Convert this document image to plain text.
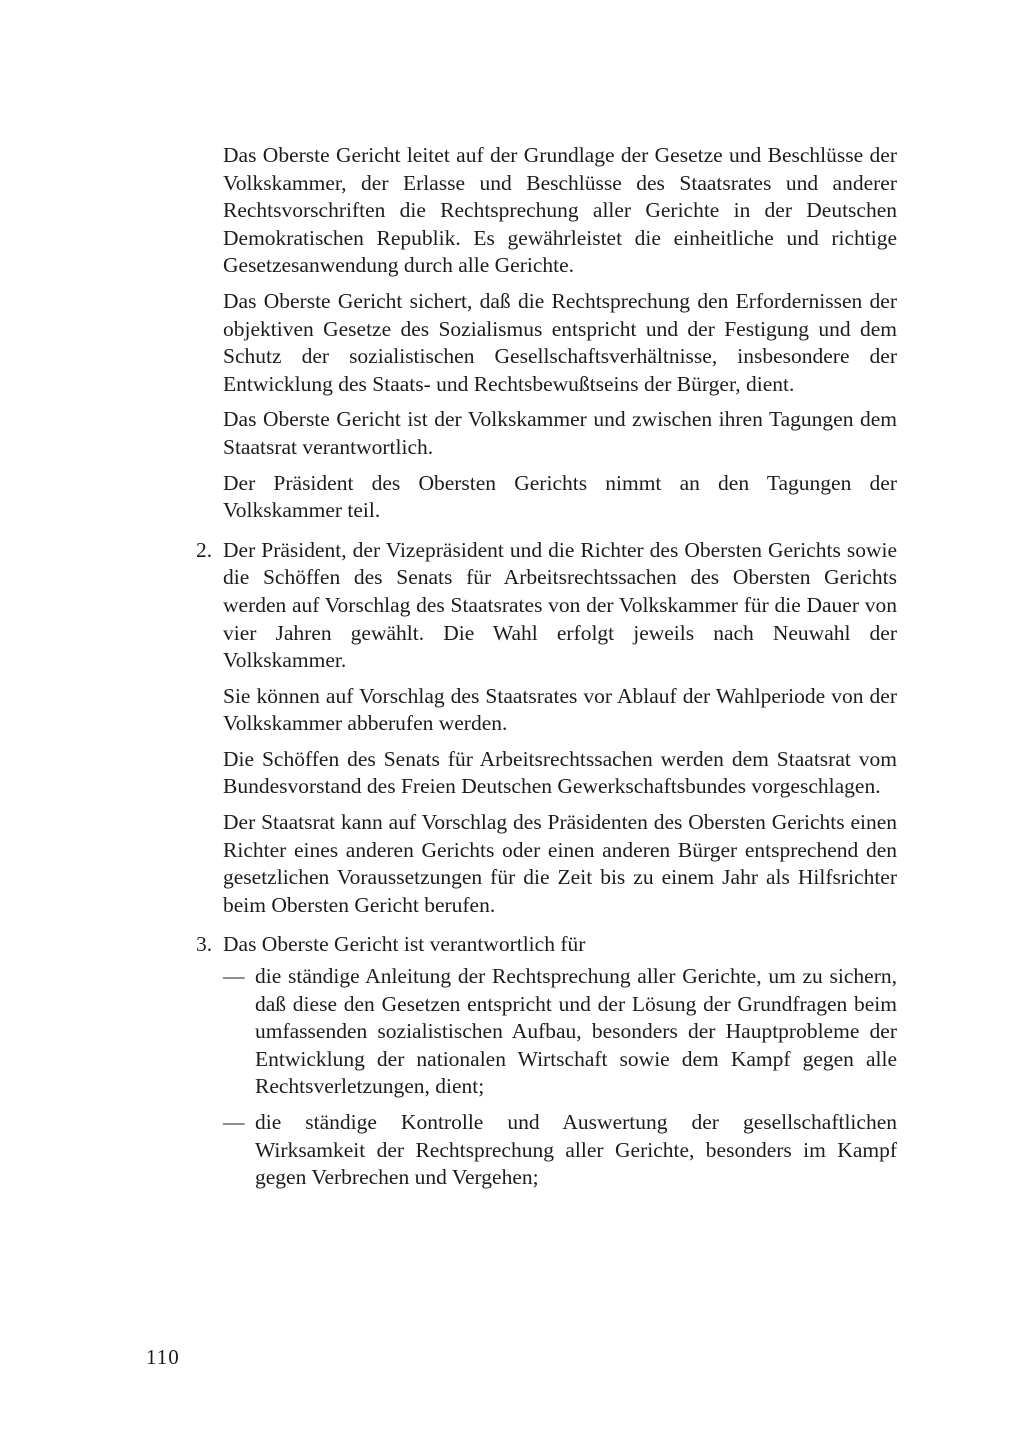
Das Oberste Gericht leitet auf der Grundlage der Gesetze und Beschlüsse der Volkskammer, der Erlasse und Beschlüsse des Staatsrates und anderer Rechtsvorschriften die Rechtsprechung aller Gerichte in der Deutschen Demokratischen Republik. Es gewährleistet die einheitliche und richtige Gesetzesanwendung durch alle Gerichte.

Das Oberste Gericht sichert, daß die Rechtsprechung den Erfordernissen der objektiven Gesetze des Sozialismus entspricht und der Festigung und dem Schutz der sozialistischen Gesellschaftsverhältnisse, insbesondere der Entwicklung des Staats- und Rechtsbewußtseins der Bürger, dient.

Das Oberste Gericht ist der Volkskammer und zwischen ihren Tagungen dem Staatsrat verantwortlich.

Der Präsident des Obersten Gerichts nimmt an den Tagungen der Volkskammer teil.

2. Der Präsident, der Vizepräsident und die Richter des Obersten Gerichts sowie die Schöffen des Senats für Arbeitsrechtssachen des Obersten Gerichts werden auf Vorschlag des Staatsrates von der Volkskammer für die Dauer von vier Jahren gewählt. Die Wahl erfolgt jeweils nach Neuwahl der Volkskammer.

Sie können auf Vorschlag des Staatsrates vor Ablauf der Wahlperiode von der Volkskammer abberufen werden.

Die Schöffen des Senats für Arbeitsrechtssachen werden dem Staatsrat vom Bundesvorstand des Freien Deutschen Gewerkschaftsbundes vorgeschlagen.

Der Staatsrat kann auf Vorschlag des Präsidenten des Obersten Gerichts einen Richter eines anderen Gerichts oder einen anderen Bürger entsprechend den gesetzlichen Voraussetzungen für die Zeit bis zu einem Jahr als Hilfsrichter beim Obersten Gericht berufen.

3. Das Oberste Gericht ist verantwortlich für

— die ständige Anleitung der Rechtsprechung aller Gerichte, um zu sichern, daß diese den Gesetzen entspricht und der Lösung der Grundfragen beim umfassenden sozialistischen Aufbau, besonders der Hauptprobleme der Entwicklung der nationalen Wirtschaft sowie dem Kampf gegen alle Rechtsverletzungen, dient;
— die ständige Kontrolle und Auswertung der gesellschaftlichen Wirksamkeit der Rechtsprechung aller Gerichte, besonders im Kampf gegen Verbrechen und Vergehen;
110
